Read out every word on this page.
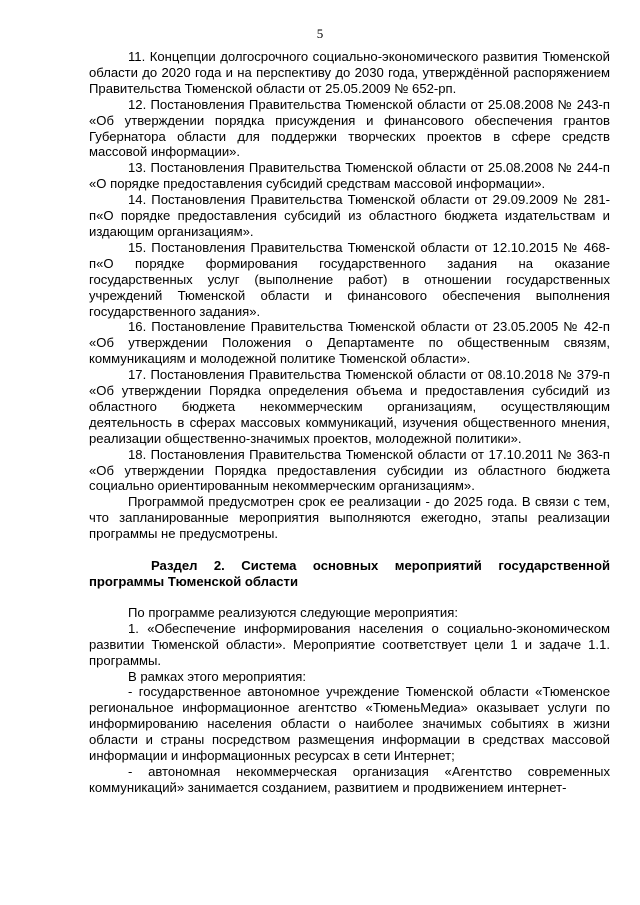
5

11. Концепции долгосрочного социально-экономического развития Тюменской области до 2020 года и на перспективу до 2030 года, утверждённой распоряжением Правительства Тюменской области от 25.05.2009 № 652-рп.

12. Постановления Правительства Тюменской области от 25.08.2008 № 243-п «Об утверждении порядка присуждения и финансового обеспечения грантов Губернатора области для поддержки творческих проектов в сфере средств массовой информации».

13. Постановления Правительства Тюменской области от 25.08.2008 № 244-п «О порядке предоставления субсидий средствам массовой информации».

14. Постановления Правительства Тюменской области от 29.09.2009 № 281-п«О порядке предоставления субсидий из областного бюджета издательствам и издающим организациям».

15. Постановления Правительства Тюменской области от 12.10.2015 № 468-п«О порядке формирования государственного задания на оказание государственных услуг (выполнение работ) в отношении государственных учреждений Тюменской области и финансового обеспечения выполнения государственного задания».

16. Постановление Правительства Тюменской области от 23.05.2005 № 42-п «Об утверждении Положения о Департаменте по общественным связям, коммуникациям и молодежной политике Тюменской области».

17. Постановления Правительства Тюменской области от 08.10.2018 № 379-п «Об утверждении Порядка определения объема и предоставления субсидий из областного бюджета некоммерческим организациям, осуществляющим деятельность в сферах массовых коммуникаций, изучения общественного мнения, реализации общественно-значимых проектов, молодежной политики».

18. Постановления Правительства Тюменской области от 17.10.2011 № 363-п «Об утверждении Порядка предоставления субсидии из областного бюджета социально ориентированным некоммерческим организациям».

Программой предусмотрен срок ее реализации - до 2025 года. В связи с тем, что запланированные мероприятия выполняются ежегодно, этапы реализации программы не предусмотрены.

Раздел 2. Система основных мероприятий государственной программы Тюменской области

По программе реализуются следующие мероприятия:

1. «Обеспечение информирования населения о социально-экономическом развитии Тюменской области». Мероприятие соответствует цели 1 и задаче 1.1. программы.

В рамках этого мероприятия:

- государственное автономное учреждение Тюменской области «Тюменское региональное информационное агентство «ТюменьМедиа» оказывает услуги по информированию населения области о наиболее значимых событиях в жизни области и страны посредством размещения информации в средствах массовой информации и информационных ресурсах в сети Интернет;

- автономная некоммерческая организация «Агентство современных коммуникаций» занимается созданием, развитием и продвижением интернет-
